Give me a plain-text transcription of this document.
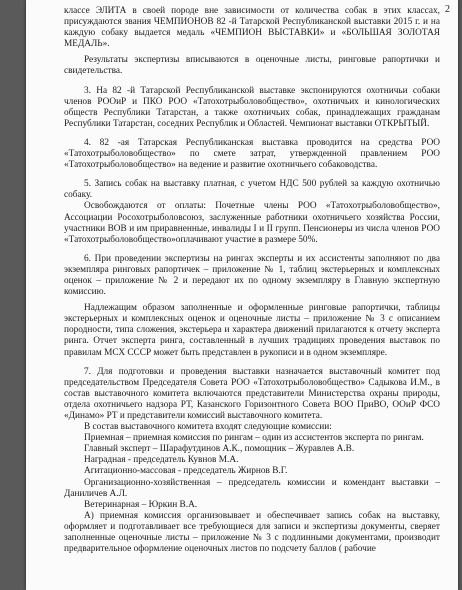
2

классе ЭЛИТА в своей породе вне зависимости от количества собак в этих классах, присуждаются звания ЧЕМПИОНОВ 82 -й Татарской Республиканской выставки 2015 г. и на каждую собаку выдается медаль «ЧЕМПИОН ВЫСТАВКИ» и «БОЛЬШАЯ ЗОЛОТАЯ МЕДАЛЬ».

Результаты экспертизы вписываются в оценочные листы, ринговые рапортички и свидетельства.

3. На 82 -й Татарской Республиканской выставке экспонируются охотничьи собаки членов РООиР и ПКО РОО «Татохотрыболовобщество», охотничьих и кинологических обществ Республики Татарстан, а также охотничьих собак, принадлежащих гражданам Республики Татарстан, соседних Республик и Областей. Чемпионат выставки ОТКРЫТЫЙ.

4. 82 -ая Татарская Республиканская выставка проводится на средства РОО «Татохотрыболовобщество» по смете затрат, утвержденной правлением РОО «Татохотрыболовобщество» на ведение и развитие охотничьего собаководства.

5. Запись собак на выставку платная, с учетом НДС 500 рублей за каждую охотничью собаку.

Освобождаются от оплаты: Почетные члены РОО «Татохотрыболовобщество», Ассоциации Росохотрыболовсоюз, заслуженные работники охотничьего хозяйства России, участники ВОВ и им приравненные, инвалиды I и II групп. Пенсионеры из числа членов РОО «Татохотрыболовобщество»оплачивают участие в размере 50%.

6. При проведении экспертизы на рингах эксперты и их ассистенты заполняют по два экземпляра ринговых рапортичек – приложение № 1, таблиц экстерьерных и комплексных оценок – приложение № 2 и передают их по одному экземпляру в Главную экспертную комиссию.

Надлежащим образом заполненные и оформленные ринговые рапортички, таблицы экстерьерных и комплексных оценок и оценочные листы – приложение № 3 с описанием породности, типа сложения, экстерьера и характера движений прилагаются к отчету эксперта ринга. Отчет эксперта ринга, составленный в лучших традициях проведения выставок по правилам МСХ СССР может быть представлен в рукописи и в одном экземпляре.

7. Для подготовки и проведения выставки назначается выставочный комитет под председательством Председателя Совета РОО «Татохотрыболовобщество» Садыкова И.М., в состав выставочного комитета включаются представители Министерства охраны природы, отдела охотничьего надзора РТ, Казанского Горизонтного Совета ВОО ПриВО, ООиР ФСО «Динамо» РТ и представители комиссий выставочного комитета.

В состав выставочного комитета входят следующие комиссии:

Приемная – приемная комиссия по рингам – один из ассистентов эксперта по рингам.

Главный эксперт – Шарафутдинов А.К., помощник – Журавлев А.В.

Наградная - председатель Кувнов М.А.

Агитационно-массовая - председатель Жирнов В.Г.

Организационно-хозяйственная – председатель комиссии и комендант выставки – Даниличев А.Л.

Ветеринарная – Юркин В.А.

А) приемная комиссия организовывает и обеспечивает запись собак на выставку, оформляет и подготавливает все требующиеся для записи и экспертизы документы, сверяет заполненные оценочные листы – приложение № 3 с подлинными документами, производит предварительное оформление оценочных листов по подсчету баллов ( рабочие
